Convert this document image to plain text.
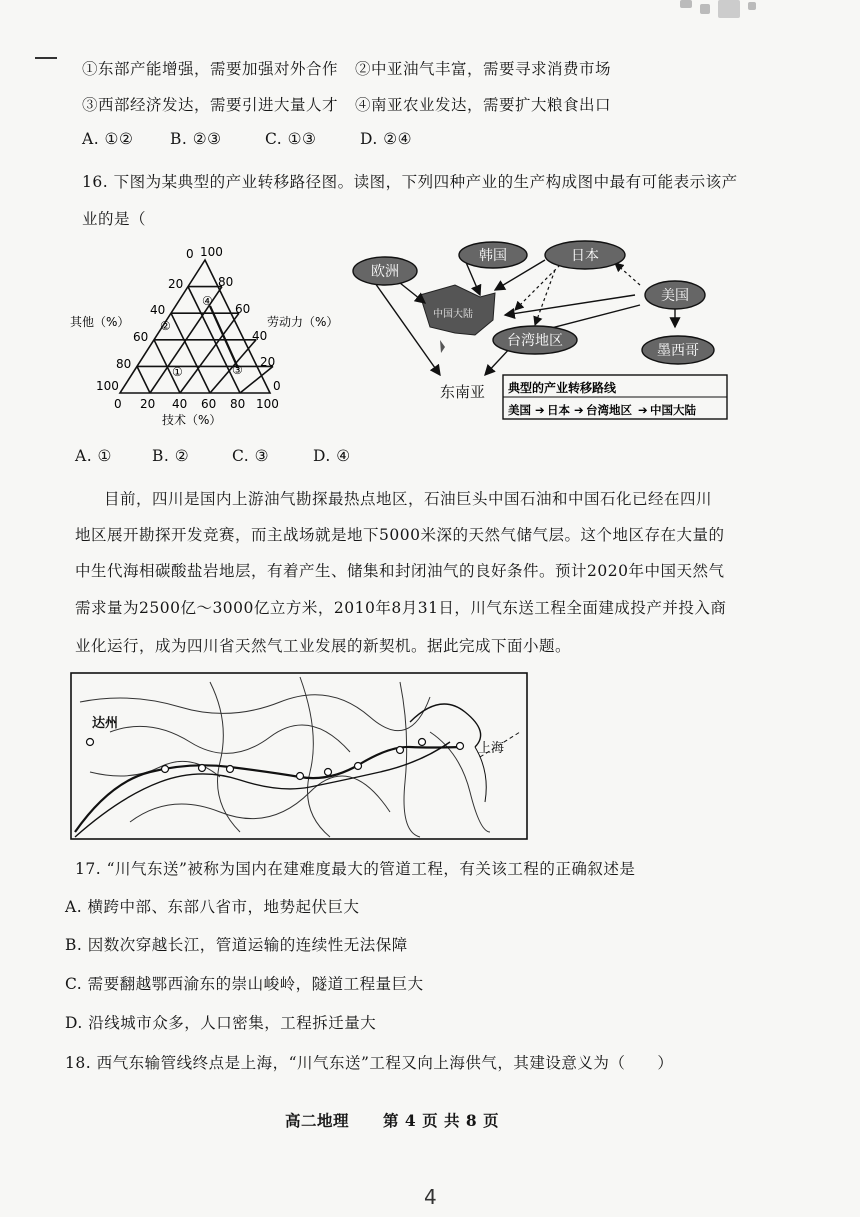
①东部产能增强，需要加强对外合作 ②中亚油气丰富，需要寻求消费市场
③西部经济发达，需要引进大量人才 ④南亚农业发达，需要扩大粮食出口
A. ①② B. ②③	C. ①③	D. ②④
16. 下图为某典型的产业转移路径图。读图，下列四种产业的生产构成图中最有可能表示该产
业的是（
0 100
20
40
60
80
100
80
60
40
20
0
0 20 40 60 80 100
①
②
③
④
其他（%）	劳动力（%）
技术（%）
欧洲
韩国	日本
美国
台湾地区
墨西哥
中国大陆
东南亚 典型的产业转移路线
美国 ➔ 日本 ➔ 台湾地区 ➔ 中国大陆
A. ①	B. ②	C. ③	D. ④
目前，四川是国内上游油气勘探最热点地区，石油巨头中国石油和中国石化已经在四川
地区展开勘探开发竞赛，而主战场就是地下5000米深的天然气储气层。这个地区存在大量的
中生代海相碳酸盐岩地层，有着产生、储集和封闭油气的良好条件。预计2020年中国天然气
需求量为2500亿～3000亿立方米，2010年8月31日，川气东送工程全面建成投产并投入商
业化运行，成为四川省天然气工业发展的新契机。据此完成下面小题。
达州
上海
17. “川气东送”被称为国内在建难度最大的管道工程，有关该工程的正确叙述是
A. 横跨中部、东部八省市，地势起伏巨大
B. 因数次穿越长江，管道运输的连续性无法保障
C. 需要翻越鄂西渝东的崇山峻岭，隧道工程量巨大
D. 沿线城市众多，人口密集，工程拆迁量大
18. 西气东输管线终点是上海，“川气东送”工程又向上海供气，其建设意义为（　　）
高二地理 第 4 页 共 8 页
4
